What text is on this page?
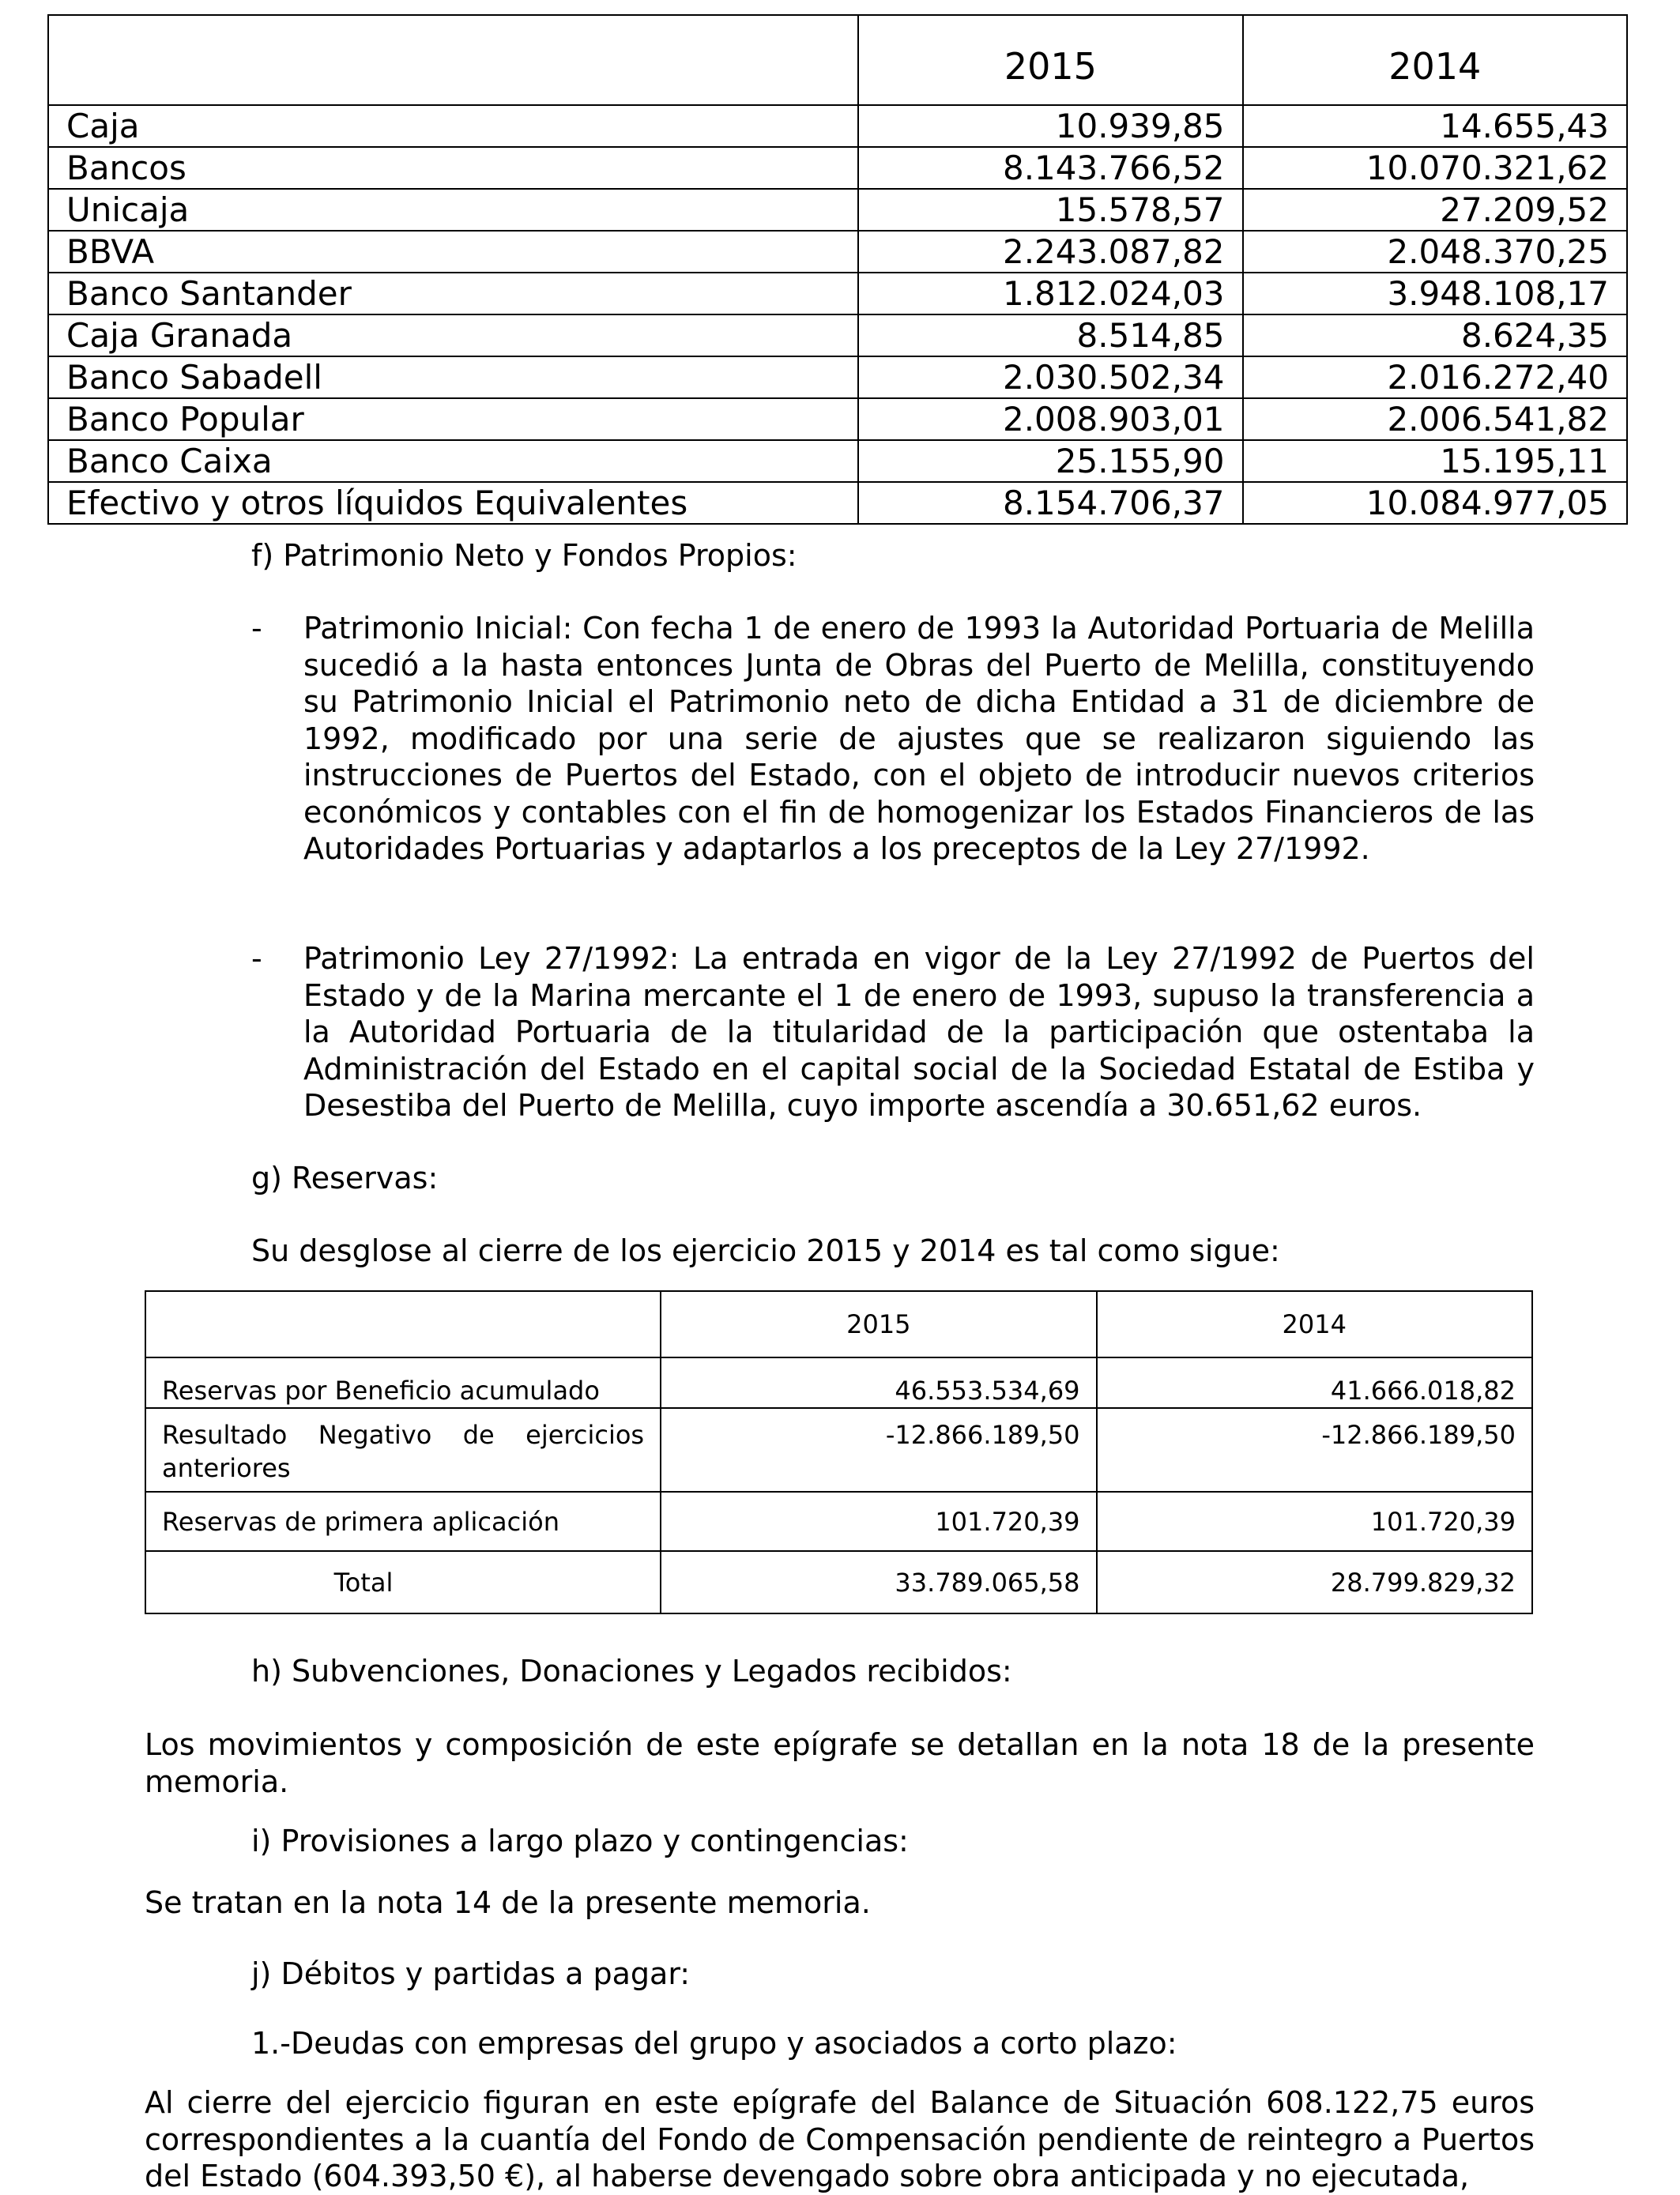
	2015	2014
Caja	10.939,85	14.655,43
Bancos	8.143.766,52	10.070.321,62
Unicaja	15.578,57	27.209,52
BBVA	2.243.087,82	2.048.370,25
Banco Santander	1.812.024,03	3.948.108,17
Caja Granada	8.514,85	8.624,35
Banco Sabadell	2.030.502,34	2.016.272,40
Banco Popular	2.008.903,01	2.006.541,82
Banco Caixa	25.155,90	15.195,11
Efectivo y otros líquidos Equivalentes	8.154.706,37	10.084.977,05
f) Patrimonio Neto y Fondos Propios:
- Patrimonio Inicial: Con fecha 1 de enero de 1993 la Autoridad Portuaria de Melilla sucedió a la hasta entonces Junta de Obras del Puerto de Melilla, constituyendo su Patrimonio Inicial el Patrimonio neto de dicha Entidad a 31 de diciembre de 1992, modificado por una serie de ajustes que se realizaron siguiendo las instrucciones de Puertos del Estado, con el objeto de introducir nuevos criterios económicos y contables con el fin de homogenizar los Estados Financieros de las Autoridades Portuarias y adaptarlos a los preceptos de la Ley 27/1992.
- Patrimonio Ley 27/1992: La entrada en vigor de la Ley 27/1992 de Puertos del Estado y de la Marina mercante el 1 de enero de 1993, supuso la transferencia a la Autoridad Portuaria de la titularidad de la participación que ostentaba la Administración del Estado en el capital social de la Sociedad Estatal de Estiba y Desestiba del Puerto de Melilla, cuyo importe ascendía a 30.651,62 euros.
g) Reservas:
Su desglose al cierre de los ejercicio 2015 y 2014 es tal como sigue:
	2015	2014
Reservas por Beneficio acumulado	46.553.534,69	41.666.018,82
Resultado Negativo de ejercicios anteriores	-12.866.189,50	-12.866.189,50
Reservas de primera aplicación	101.720,39	101.720,39
Total	33.789.065,58	28.799.829,32
h) Subvenciones, Donaciones y Legados recibidos:
Los movimientos y composición de este epígrafe se detallan en la nota 18 de la presente memoria.
i) Provisiones a largo plazo y contingencias:
Se tratan en la nota 14 de la presente memoria.
j) Débitos y partidas a pagar:
1.-Deudas con empresas del grupo y asociados a corto plazo:
Al cierre del ejercicio figuran en este epígrafe del Balance de Situación 608.122,75 euros correspondientes a la cuantía del Fondo de Compensación pendiente de reintegro a Puertos del Estado (604.393,50 €), al haberse devengado sobre obra anticipada y no ejecutada,
